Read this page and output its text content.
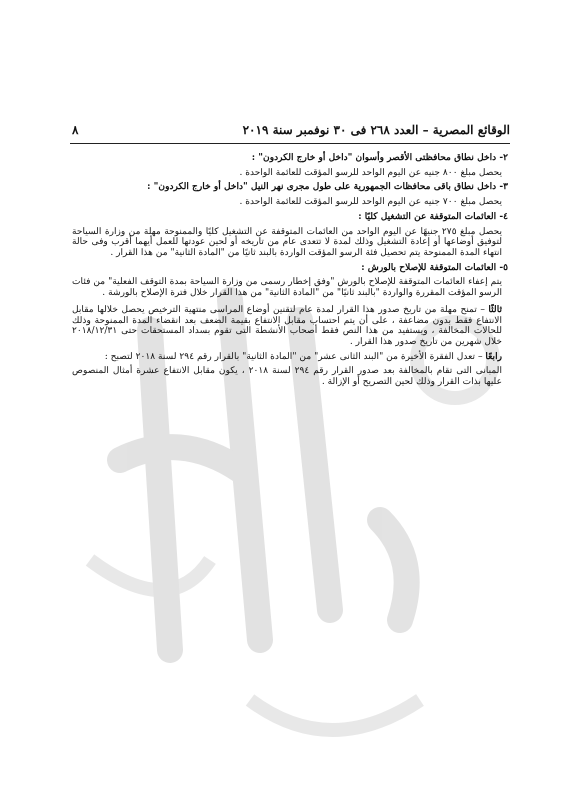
الوقائع المصرية – العدد ٢٦٨ فى ٣٠ نوفمبر سنة ٢٠١٩
٨

٢- داخل نطاق محافظتى الأقصر وأسوان "داخل أو خارج الكردون" :

يحصل مبلغ ٨٠٠ جنيه عن اليوم الواحد للرسو المؤقت للعائمة الواحدة .

٣- داخل نطاق باقى محافظات الجمهورية على طول مجرى نهر النيل "داخل أو خارج الكردون" :

يحصل مبلغ ٧٠٠ جنيه عن اليوم الواحد للرسو المؤقت للعائمة الواحدة .

٤- العائمات المتوقفة عن التشغيل كليًا :

يحصل مبلغ ٢٧٥ جنيهًا عن اليوم الواحد من العائمات المتوقفة عن التشغيل كليًا والممنوحة مهلة من وزارة السياحة لتوفيق أوضاعها أو إعادة التشغيل وذلك لمدة لا تتعدى عام من تاريخه أو لحين عودتها للعمل أيهما أقرب وفى حالة انتهاء المدة الممنوحة يتم تحصيل فئة الرسو المؤقت الواردة بالبند ثانيًا من "المادة الثانية" من هذا القرار .

٥- العائمات المتوقفة للإصلاح بالورش :

يتم إعفاء العائمات المتوقفة للإصلاح بالورش "وفق إخطار رسمى من وزارة السياحة بمدة التوقف الفعلية" من فئات الرسو المؤقت المقررة والواردة "بالبند ثانيًا" من "المادة الثانية" من هذا القرار خلال فترة الإصلاح بالورشة .

ثالثًا – تمنح مهلة من تاريخ صدور هذا القرار لمدة عام لتقنين أوضاع المراسى منتهية الترخيص يحصل خلالها مقابل الانتفاع فقط بدون مضاعفة ، على أن يتم احتساب مقابل الانتفاع بقيمة الضعف بعد انقضاء المدة الممنوحة وذلك للحالات المخالفة ، ويستفيد من هذا النص فقط أصحاب الأنشطة التى تقوم بسداد المستحقات حتى ٢٠١٨/١٢/٣١ خلال شهرين من تاريخ صدور هذا القرار .

رابعًا – تعدل الفقرة الأخيرة من "البند الثانى عشر" من "المادة الثانية" بالقرار رقم ٢٩٤ لسنة ٢٠١٨ لتصبح :

المبانى التى تقام بالمخالفة بعد صدور القرار رقم ٢٩٤ لسنة ٢٠١٨ ، يكون مقابل الانتفاع عشرة أمثال المنصوص عليها بذات القرار وذلك لحين التصريح أو الإزالة .
